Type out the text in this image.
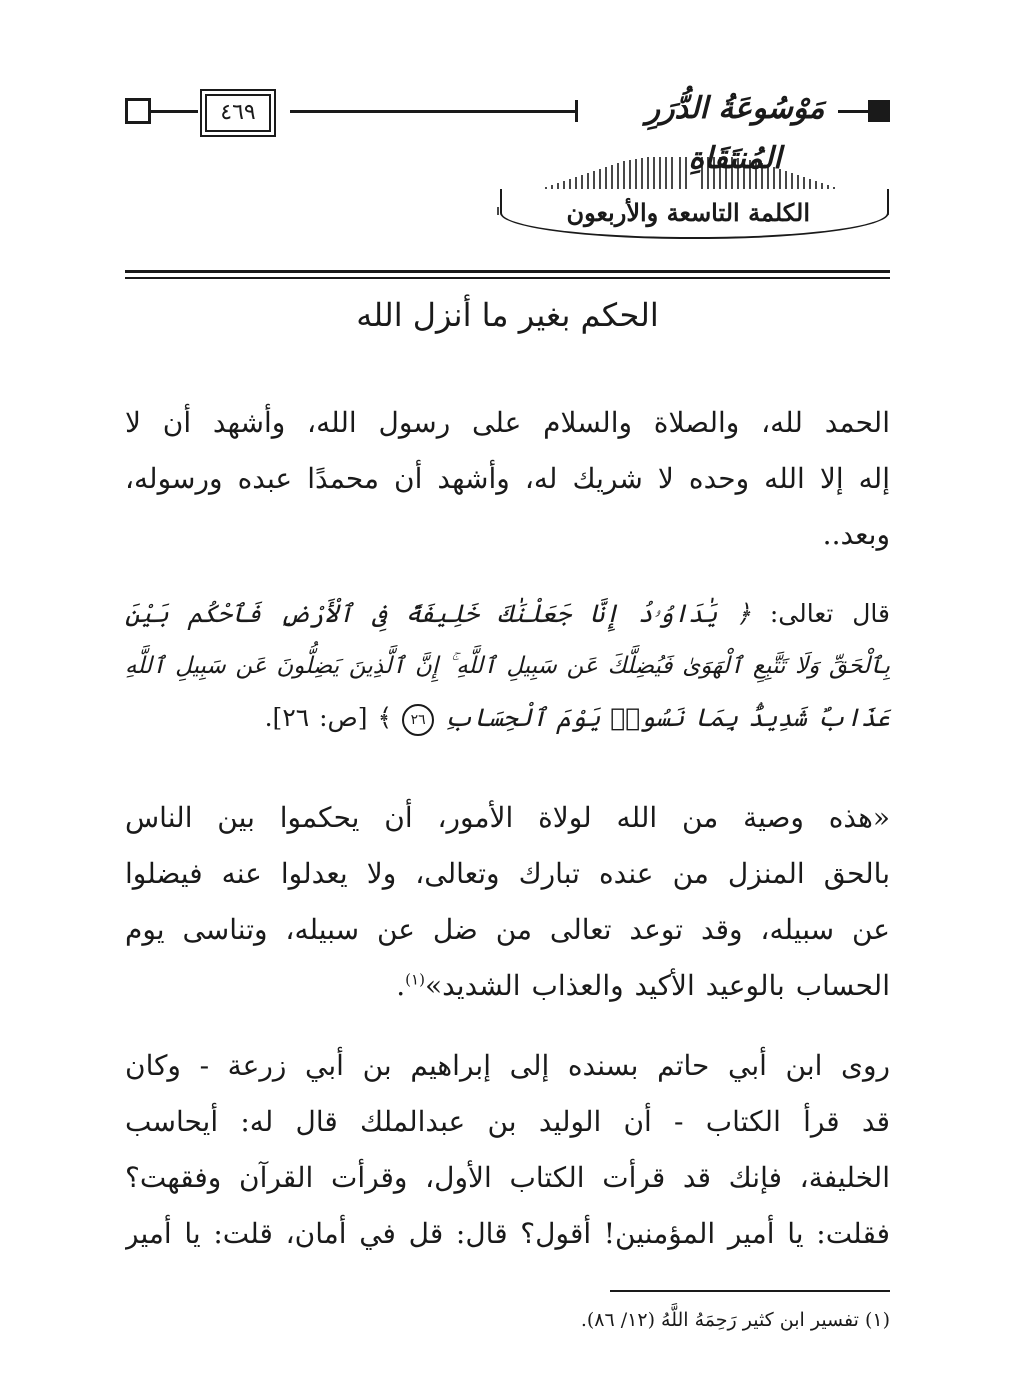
مَوْسُوعَةُ الدُّرَرِ المُنتَقَاةِ
٤٦٩
الكلمة التاسعة والأربعون
الحكم بغير ما أنزل الله
الحمد لله، والصلاة والسلام على رسول الله، وأشهد أن لا
إله إلا الله وحده لا شريك له، وأشهد أن محمدًا عبده ورسوله،
وبعد..
قال تعالى: ﴿ يَٰدَاوُۥدُ إِنَّا جَعَلْنَٰكَ خَلِيفَةً فِى ٱلْأَرْضِ فَٱحْكُم بَيْنَ
بِٱلْحَقِّ وَلَا تَتَّبِعِ ٱلْهَوَىٰ فَيُضِلَّكَ عَن سَبِيلِ ٱللَّهِ ۚ إِنَّ ٱلَّذِينَ يَضِلُّونَ عَن سَبِيلِ ٱللَّهِ
عَذَابٌ شَدِيدٌۢ بِمَا نَسُوا۟ يَوْمَ ٱلْحِسَابِ ٢٦ ﴾ [ص: ٢٦].
«هذه وصية من الله لولاة الأمور، أن يحكموا بين الناس
بالحق المنزل من عنده تبارك وتعالى، ولا يعدلوا عنه فيضلوا
عن سبيله، وقد توعد تعالى من ضل عن سبيله، وتناسى يوم
الحساب بالوعيد الأكيد والعذاب الشديد»$^{(١)}$.
روى ابن أبي حاتم بسنده إلى إبراهيم بن أبي زرعة - وكان
قد قرأ الكتاب - أن الوليد بن عبدالملك قال له: أيحاسب
الخليفة، فإنك قد قرأت الكتاب الأول، وقرأت القرآن وفقهت؟
فقلت: يا أمير المؤمنين! أقول؟ قال: قل في أمان، قلت: يا أمير
(١) تفسير ابن كثير رَحِمَهُ اللَّهُ (١٢/ ٨٦).
